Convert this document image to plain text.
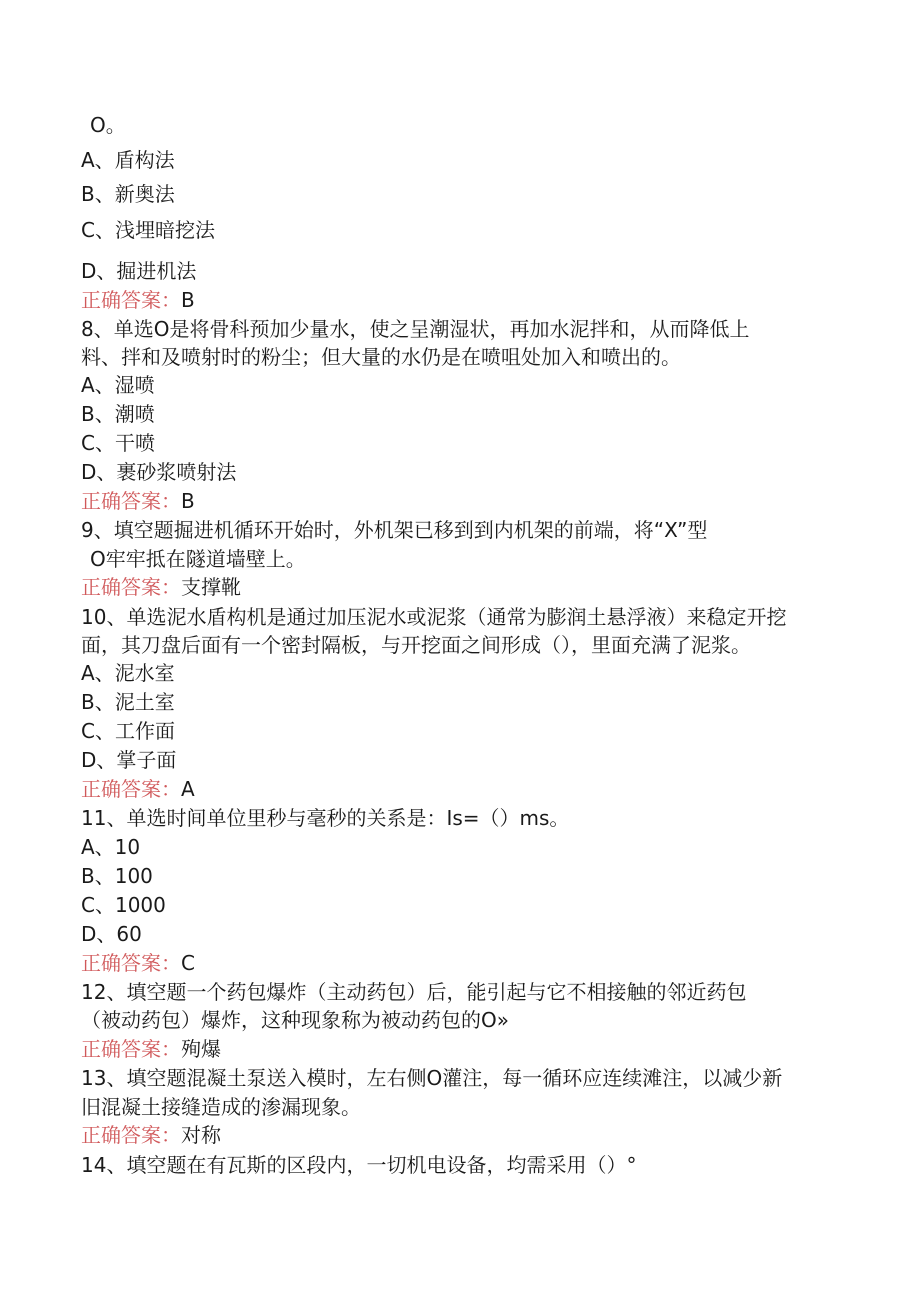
O。
A、盾构法
B、新奥法
C、浅埋暗挖法
D、掘进机法
正确答案：B
8、单选O是将骨科预加少量水，使之呈潮湿状，再加水泥拌和，从而降低上
料、拌和及喷射时的粉尘；但大量的水仍是在喷咀处加入和喷出的。
A、湿喷
B、潮喷
C、干喷
D、裹砂浆喷射法
正确答案：B
9、填空题掘进机循环开始时，外机架已移到到内机架的前端，将“X”型
O牢牢抵在隧道墙壁上。
正确答案：支撑靴
10、单选泥水盾构机是通过加压泥水或泥浆（通常为膨润土悬浮液）来稳定开挖
面，其刀盘后面有一个密封隔板，与开挖面之间形成（），里面充满了泥浆。
A、泥水室
B、泥土室
C、工作面
D、掌子面
正确答案：A
11、单选时间单位里秒与毫秒的关系是：Is=（）ms。
A、10
B、100
C、1000
D、60
正确答案：C
12、填空题一个药包爆炸（主动药包）后，能引起与它不相接触的邻近药包
（被动药包）爆炸，这种现象称为被动药包的O»
正确答案：殉爆
13、填空题混凝土泵送入模时，左右侧O灌注，每一循环应连续滩注，以减少新
旧混凝土接缝造成的渗漏现象。
正确答案：对称
14、填空题在有瓦斯的区段内，一切机电设备，均需采用（）°
